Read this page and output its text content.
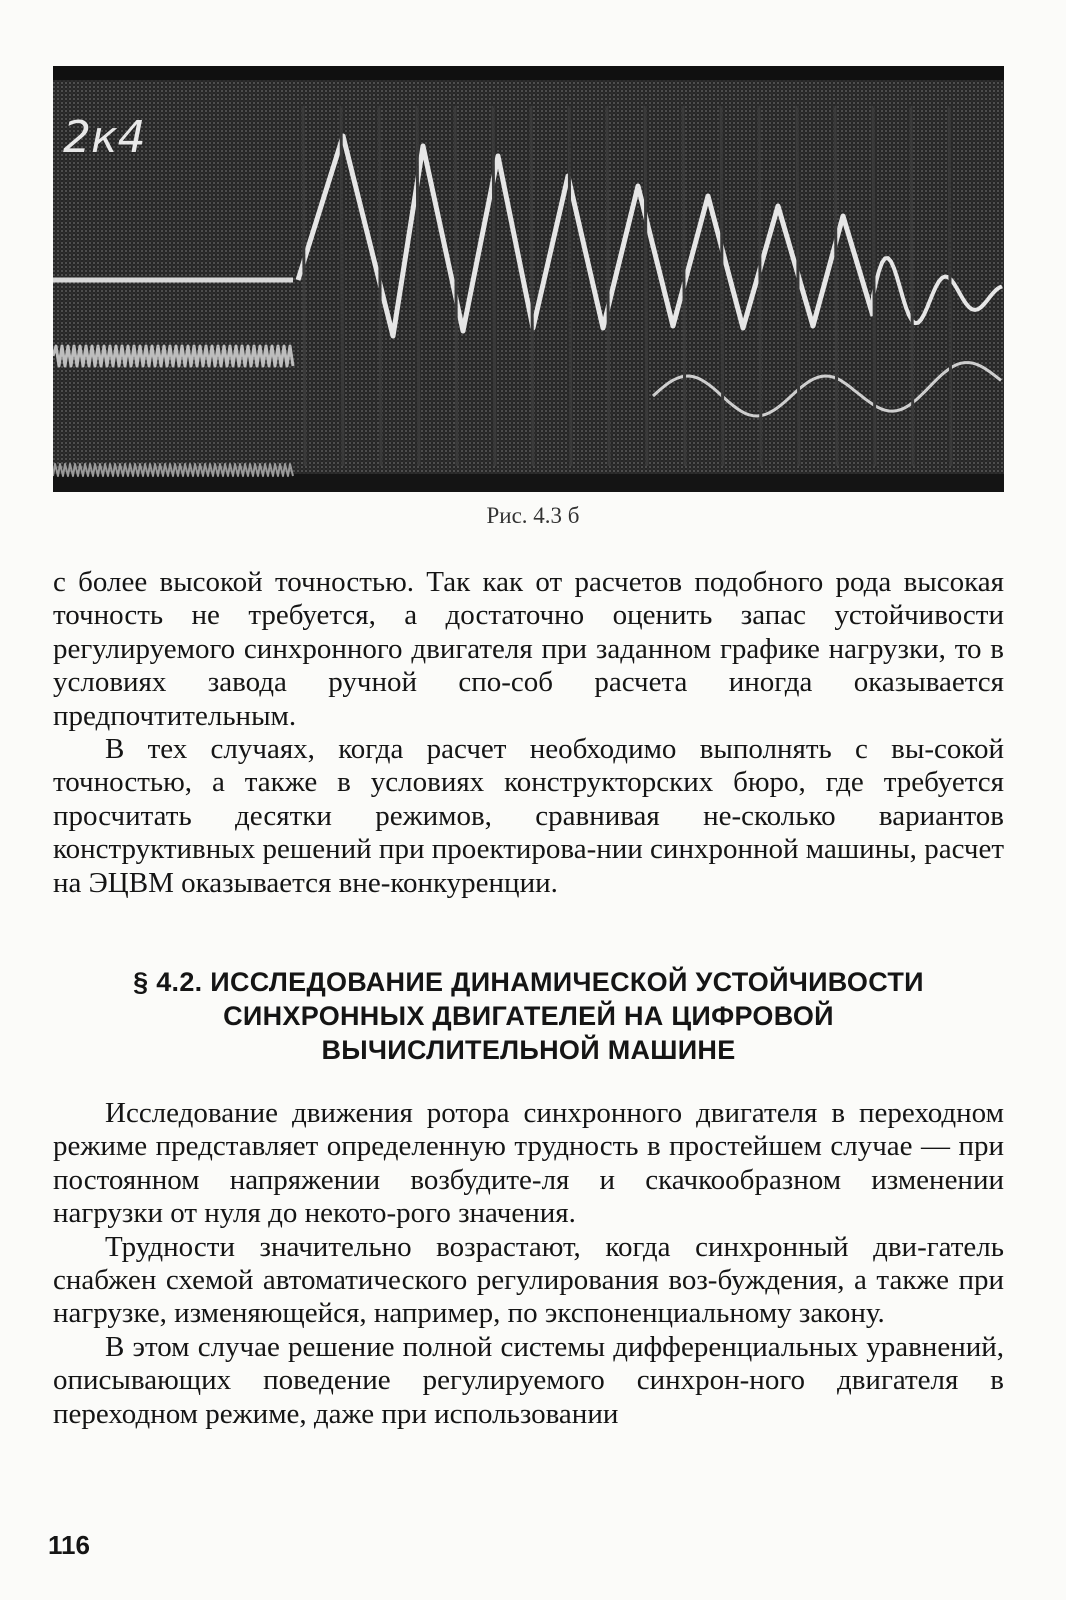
2к4
Рис. 4.3 б

с более высокой точностью. Так как от расчетов подобного рода высокая точность не требуется, а достаточно оценить запас устойчивости регулируемого синхронного двигателя при заданном графике нагрузки, то в условиях завода ручной спо-соб расчета иногда оказывается предпочтительным.

В тех случаях, когда расчет необходимо выполнять с вы-сокой точностью, а также в условиях конструкторских бюро, где требуется просчитать десятки режимов, сравнивая не-сколько вариантов конструктивных решений при проектирова-нии синхронной машины, расчет на ЭЦВМ оказывается вне-конкуренции.

§ 4.2. ИССЛЕДОВАНИЕ ДИНАМИЧЕСКОЙ УСТОЙЧИВОСТИ
СИНХРОННЫХ ДВИГАТЕЛЕЙ НА ЦИФРОВОЙ
ВЫЧИСЛИТЕЛЬНОЙ МАШИНЕ

Исследование движения ротора синхронного двигателя в переходном режиме представляет определенную трудность в простейшем случае — при постоянном напряжении возбудите-ля и скачкообразном изменении нагрузки от нуля до некото-рого значения.

Трудности значительно возрастают, когда синхронный дви-гатель снабжен схемой автоматического регулирования воз-буждения, а также при нагрузке, изменяющейся, например, по экспоненциальному закону.

В этом случае решение полной системы дифференциальных уравнений, описывающих поведение регулируемого синхрон-ного двигателя в переходном режиме, даже при использовании

116
